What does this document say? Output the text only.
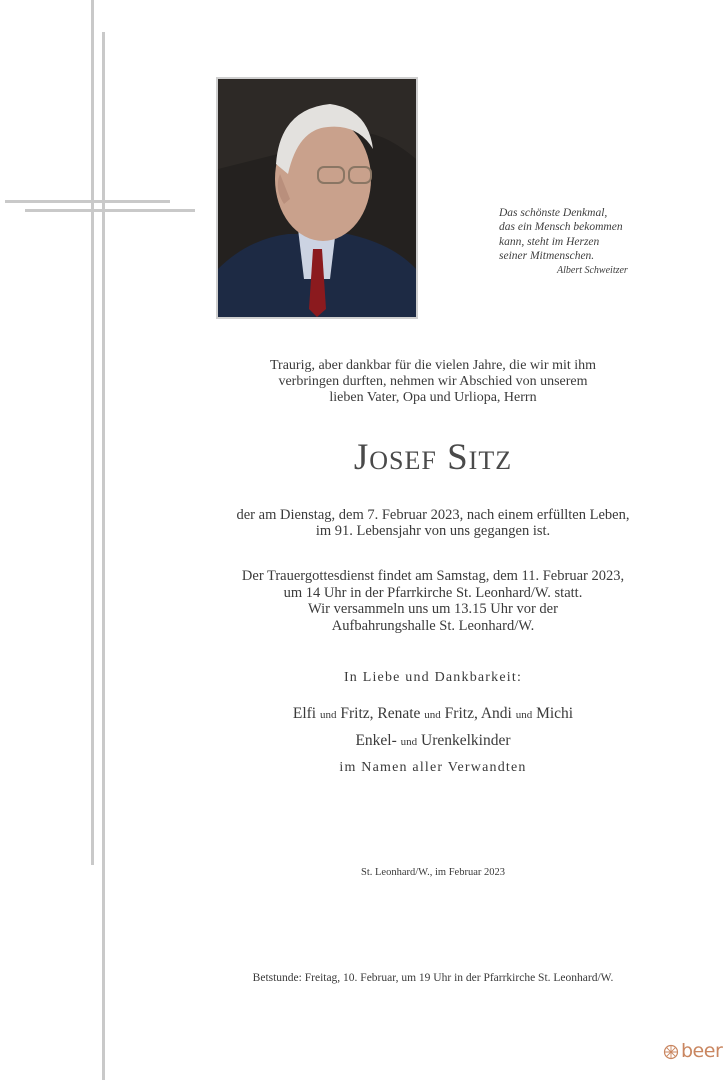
Das schönste Denkmal,
das ein Mensch bekommen
kann, steht im Herzen
seiner Mitmenschen.
Albert Schweitzer
Traurig, aber dankbar für die vielen Jahre, die wir mit ihm
verbringen durften, nehmen wir Abschied von unserem
lieben Vater, Opa und Urliopa, Herrn
Josef Sitz
der am Dienstag, dem 7. Februar 2023, nach einem erfüllten Leben,
im 91. Lebensjahr von uns gegangen ist.
Der Trauergottesdienst findet am Samstag, dem 11. Februar 2023,
um 14 Uhr in der Pfarrkirche St. Leonhard/W. statt.
Wir versammeln uns um 13.15 Uhr vor der
Aufbahrungshalle St. Leonhard/W.
In Liebe und Dankbarkeit:
Elfi und Fritz, Renate und Fritz, Andi und Michi
Enkel- und Urenkelkinder
im Namen aller Verwandten
St. Leonhard/W., im Februar 2023
Betstunde: Freitag, 10. Februar, um 19 Uhr in der Pfarrkirche St. Leonhard/W.
beer
